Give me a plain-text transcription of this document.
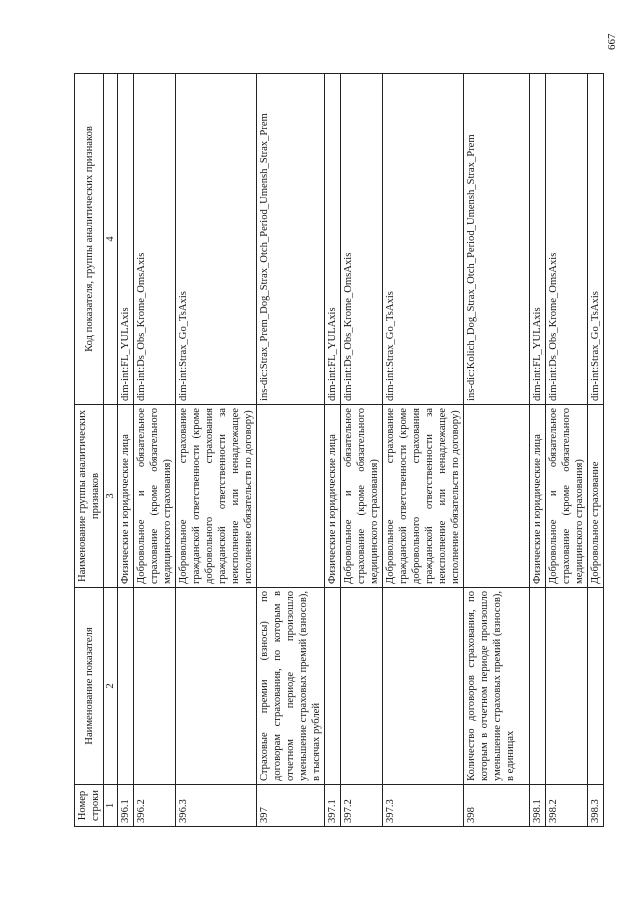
Номер строки	Наименование показателя	Наименование группы аналитических признаков	Код показателя, группы аналитических признаков
1	2	3	4
396.1		Физические и юридические лица	dim-int:FL_YULAxis
396.2		Добровольное и обязательное страхование (кроме обязательного медицинского страхования)	dim-int:Ds_Obs_Krome_OmsAxis
396.3		Добровольное страхование гражданской ответственности (кроме добровольного страхования гражданской ответственности за неисполнение или ненадлежащее исполнение обязательств по договору)	dim-int:Strax_Go_TsAxis
397	Страховые премии (взносы) по договорам страхования, по которым в отчетном периоде произошло уменьшение страховых премий (взносов), в тысячах рублей		ins-dic:Strax_Prem_Dog_Strax_Otch_Period_Umensh_Strax_Prem
397.1		Физические и юридические лица	dim-int:FL_YULAxis
397.2		Добровольное и обязательное страхование (кроме обязательного медицинского страхования)	dim-int:Ds_Obs_Krome_OmsAxis
397.3		Добровольное страхование гражданской ответственности (кроме добровольного страхования гражданской ответственности за неисполнение или ненадлежащее исполнение обязательств по договору)	dim-int:Strax_Go_TsAxis
398	Количество договоров страхования, по которым в отчетном периоде произошло уменьшение страховых премий (взносов), в единицах		ins-dic:Kolich_Dog_Strax_Otch_Period_Umensh_Strax_Prem
398.1		Физические и юридические лица	dim-int:FL_YULAxis
398.2		Добровольное и обязательное страхование (кроме обязательного медицинского страхования)	dim-int:Ds_Obs_Krome_OmsAxis
398.3		Добровольное страхование	dim-int:Strax_Go_TsAxis
667
